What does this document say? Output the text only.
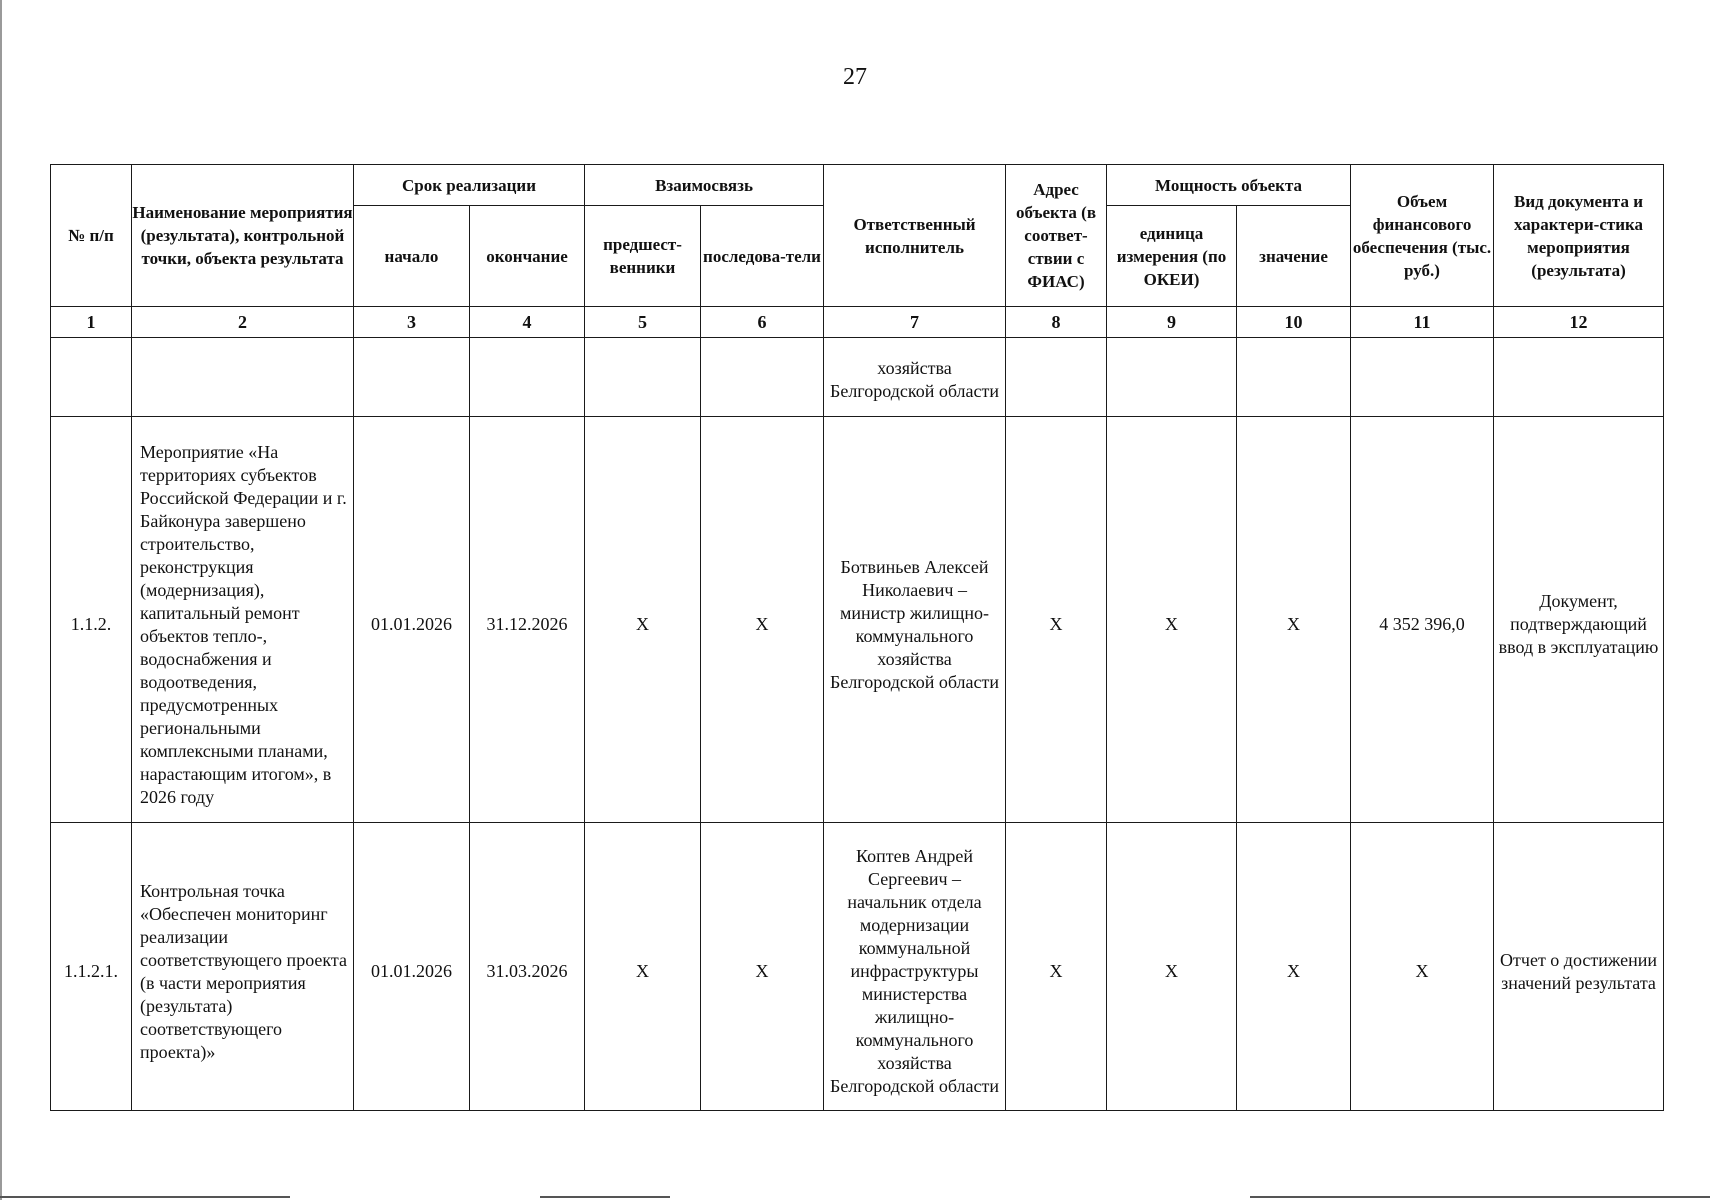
27
№ п/п	Наименование мероприятия (результата), контрольной точки, объекта результата	Срок реализации		Взаимосвязь		Ответственный исполнитель	Адрес объекта (в соответ-ствии с ФИАС)	Мощность объекта		Объем финансового обеспечения (тыс. руб.)	Вид документа и характери-стика мероприятия (результата)
		начало	окончание	предшест-венники	последова-тели			единица измерения (по ОКЕИ)	значение		
1	2	3	4	5	6	7	8	9	10	11	12

						хозяйства Белгородской области					

1.1.2.	Мероприятие «На территориях субъектов Российской Федерации и г. Байконура завершено строительство, реконструкция (модернизация), капитальный ремонт объектов тепло-, водоснабжения и водоотведения, предусмотренных региональными комплексными планами, нарастающим итогом», в 2026 году	01.01.2026	31.12.2026	X	X	Ботвиньев Алексей Николаевич – министр жилищно-коммунального хозяйства Белгородской области	X	X	X	4 352 396,0	Документ, подтверждающий ввод в эксплуатацию

1.1.2.1.	Контрольная точка «Обеспечен мониторинг реализации соответствующего проекта (в части мероприятия (результата) соответствующего проекта)»	01.01.2026	31.03.2026	X	X	Коптев Андрей Сергеевич – начальник отдела модернизации коммунальной инфраструктуры министерства жилищно-коммунального хозяйства Белгородской области	X	X	X	X	Отчет о достижении значений результата
